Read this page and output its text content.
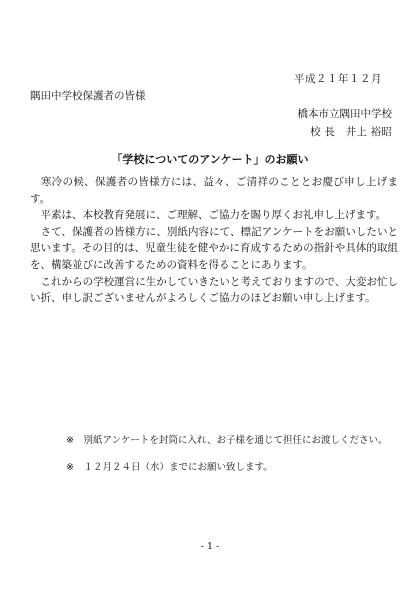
平成２１年１２月
隅田中学校保護者の皆様
橋本市立隅田中学校
校 長 井上 裕昭
「学校についてのアンケート」のお願い

　寒冷の候、保護者の皆様方には、益々、ご清祥のこととお慶び申し上げます。

　平素は、本校教育発展に、ご理解、ご協力を賜り厚くお礼申し上げます。

　さて、保護者の皆様方に、別紙内容にて、標記アンケートをお願いしたいと思います。その目的は、児童生徒を健やかに育成するための指針や具体的取組を、構築並びに改善するための資料を得ることにあります。

　これからの学校運営に生かしていきたいと考えておりますので、大変お忙しい折、申し訳ございませんがよろしくご協力のほどお願い申し上げます。

※　別紙アンケートを封筒に入れ、お子様を通じて担任にお渡しください。
※　１２月２４日（水）までにお願い致します。
- 1 -
